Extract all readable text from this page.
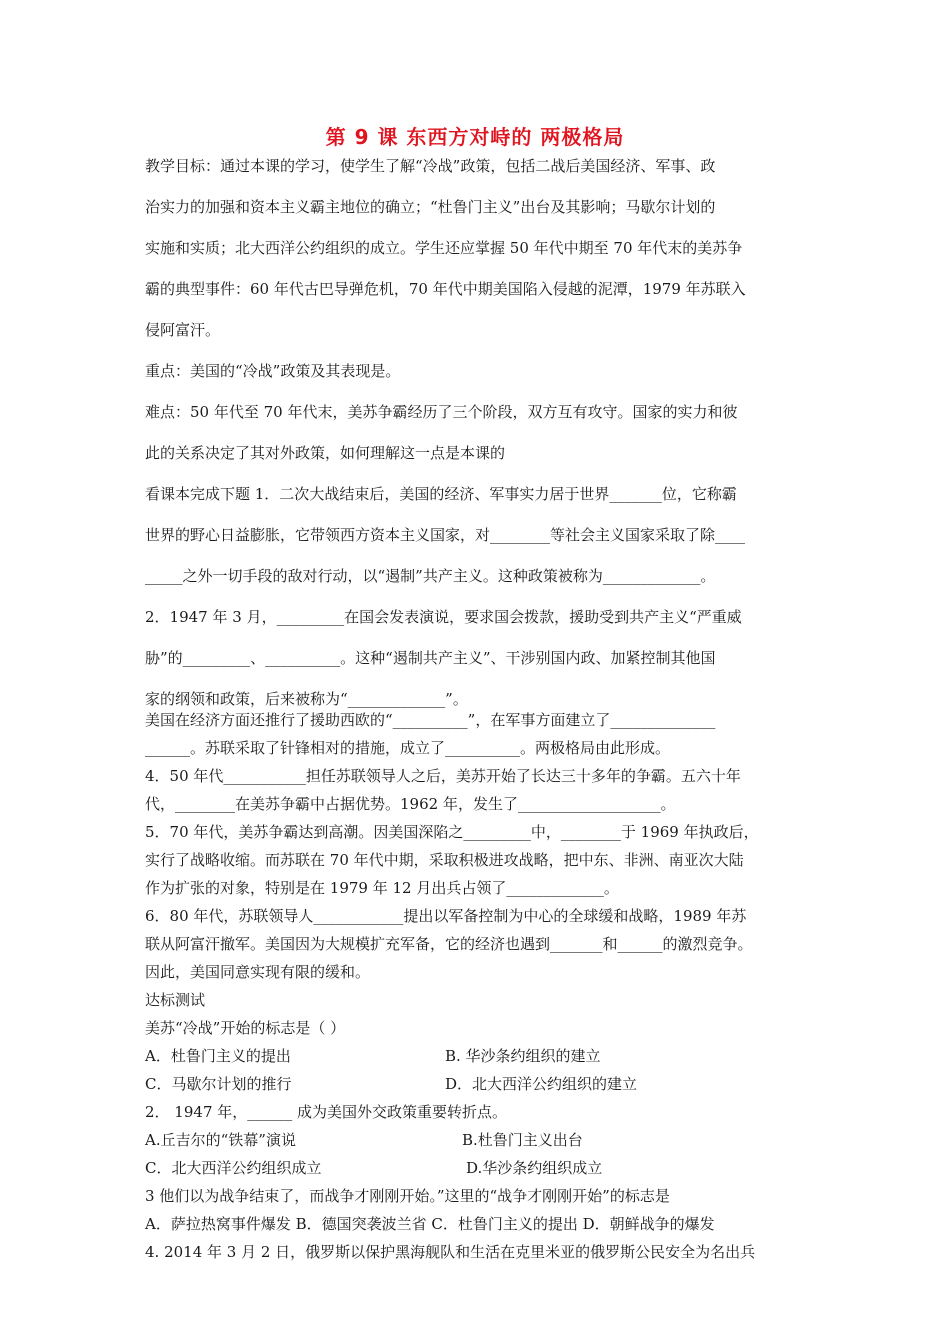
第 9 课 东西方对峙的 两极格局
教学目标：通过本课的学习，使学生了解“冷战”政策，包括二战后美国经济、军事、政
治实力的加强和资本主义霸主地位的确立；“杜鲁门主义”出台及其影响；马歇尔计划的
实施和实质；北大西洋公约组织的成立。学生还应掌握 50 年代中期至 70 年代末的美苏争
霸的典型事件：60 年代古巴导弹危机，70 年代中期美国陷入侵越的泥潭，1979 年苏联入
侵阿富汗。
重点：美国的“冷战”政策及其表现是。
难点：50 年代至 70 年代末，美苏争霸经历了三个阶段，双方互有攻守。国家的实力和彼
此的关系决定了其对外政策，如何理解这一点是本课的
看课本完成下题 1．二次大战结束后，美国的经济、军事实力居于世界_______位，它称霸
世界的野心日益膨胀，它带领西方资本主义国家，对________等社会主义国家采取了除____
_____之外一切手段的敌对行动，以“遏制”共产主义。这种政策被称为_____________。
2．1947 年 3 月，_________在国会发表演说，要求国会拨款，援助受到共产主义“严重威
胁”的_________、__________。这种“遏制共产主义”、干涉别国内政、加紧控制其他国
家的纲领和政策，后来被称为“_____________”。
美国在经济方面还推行了援助西欧的“__________”，在军事方面建立了______________
______。苏联采取了针锋相对的措施，成立了__________。两极格局由此形成。
4．50 年代___________担任苏联领导人之后，美苏开始了长达三十多年的争霸。五六十年
代，________在美苏争霸中占据优势。1962 年，发生了___________________。
5．70 年代，美苏争霸达到高潮。因美国深陷之_________中，________于 1969 年执政后，
实行了战略收缩。而苏联在 70 年代中期，采取积极进攻战略，把中东、非洲、南亚次大陆
作为扩张的对象，特别是在 1979 年 12 月出兵占领了_____________。
6．80 年代，苏联领导人____________提出以军备控制为中心的全球缓和战略，1989 年苏
联从阿富汗撤军。美国因为大规模扩充军备，它的经济也遇到_______和______的激烈竞争。
因此，美国同意实现有限的缓和。
达标测试
美苏“冷战”开始的标志是（ ）
A．杜鲁门主义的提出	B. 华沙条约组织的建立
C．马歇尔计划的推行	D．北大西洋公约组织的建立
2． 1947 年，______ 成为美国外交政策重要转折点。
A.丘吉尔的“铁幕”演说	B.杜鲁门主义出台
C．北大西洋公约组织成立	D.华沙条约组织成立
3 他们以为战争结束了，而战争才刚刚开始。”这里的“战争才刚刚开始”的标志是
A．萨拉热窝事件爆发 B．德国突袭波兰省 C．杜鲁门主义的提出 D．朝鲜战争的爆发
4. 2014 年 3 月 2 日，俄罗斯以保护黑海舰队和生活在克里米亚的俄罗斯公民安全为名出兵
